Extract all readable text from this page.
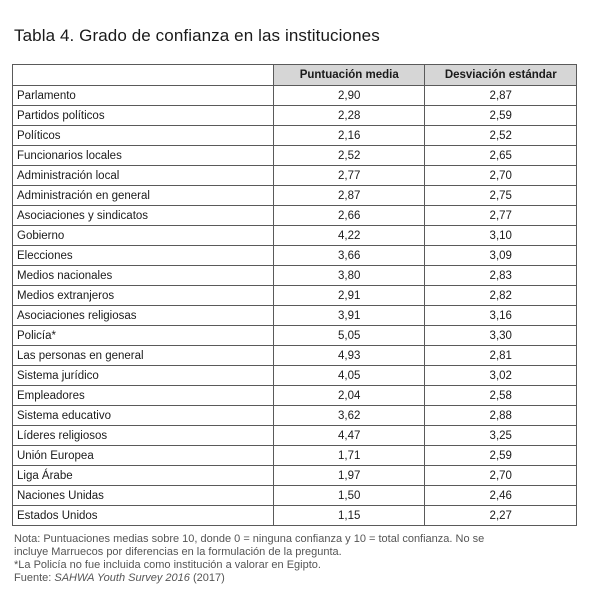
Tabla 4. Grado de confianza en las instituciones
	Puntuación media	Desviación estándar
Parlamento	2,90	2,87
Partidos políticos	2,28	2,59
Políticos	2,16	2,52
Funcionarios locales	2,52	2,65
Administración local	2,77	2,70
Administración en general	2,87	2,75
Asociaciones y sindicatos	2,66	2,77
Gobierno	4,22	3,10
Elecciones	3,66	3,09
Medios nacionales	3,80	2,83
Medios extranjeros	2,91	2,82
Asociaciones religiosas	3,91	3,16
Policía*	5,05	3,30
Las personas en general	4,93	2,81
Sistema jurídico	4,05	3,02
Empleadores	2,04	2,58
Sistema educativo	3,62	2,88
Líderes religiosos	4,47	3,25
Unión Europea	1,71	2,59
Liga Árabe	1,97	2,70
Naciones Unidas	1,50	2,46
Estados Unidos	1,15	2,27
Nota: Puntuaciones medias sobre 10, donde 0 = ninguna confianza y 10 = total confianza. No se
incluye Marruecos por diferencias en la formulación de la pregunta.
*La Policía no fue incluida como institución a valorar en Egipto.
Fuente: SAHWA Youth Survey 2016 (2017)
